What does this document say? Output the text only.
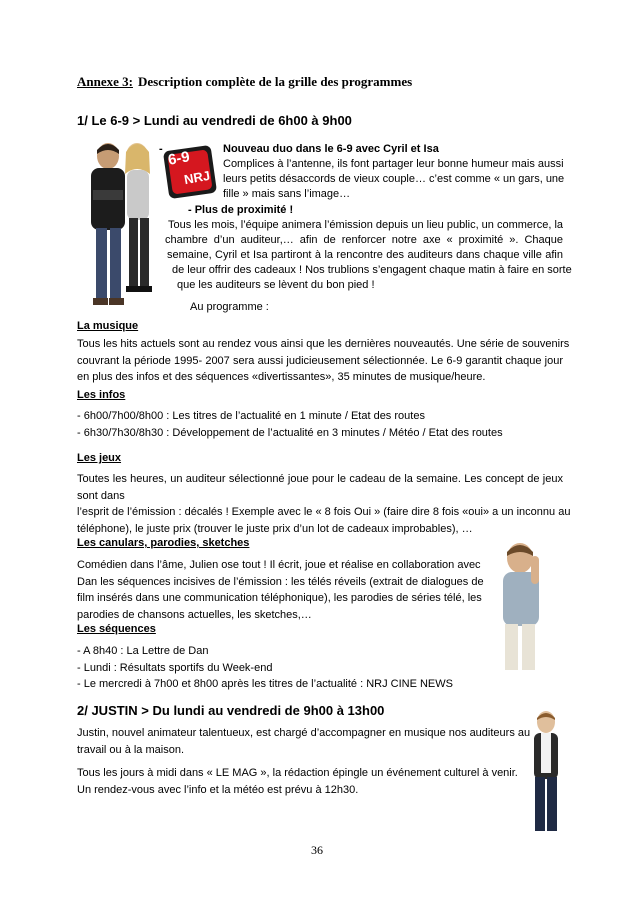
Annexe 3: Description complète de la grille des programmes
1/ Le 6-9 > Lundi au vendredi de 6h00 à 9h00
6-9
NRJ
-	Nouveau duo dans le 6-9 avec Cyril et Isa
Complices à l’antenne, ils font partager leur bonne humeur mais aussi
leurs petits désaccords de vieux couple… c’est comme « un gars, une
fille » mais sans l’image…
- Plus de proximité !
Tous les mois, l’équipe animera l’émission depuis un lieu public, un commerce, la
chambre d’un auditeur,… afin de renforcer notre axe « proximité ». Chaque
semaine, Cyril et Isa partiront à la rencontre des auditeurs dans chaque ville afin
de leur offrir des cadeaux ! Nos trublions s’engagent chaque matin à faire en sorte
que les auditeurs se lèvent du bon pied !
Au programme :
La musique
Tous les hits actuels sont au rendez vous ainsi que les dernières nouveautés. Une série de souvenirs
couvrant la période 1995- 2007 sera aussi judicieusement sélectionnée. Le 6-9 garantit chaque jour
en plus des infos et des séquences «divertissantes», 35 minutes de musique/heure.
Les infos
- 6h00/7h00/8h00 : Les titres de l’actualité en 1 minute / Etat des routes
- 6h30/7h30/8h30 : Développement de l’actualité en 3 minutes / Météo / Etat des routes
Les jeux
Toutes les heures, un auditeur sélectionné joue pour le cadeau de la semaine. Les concept de jeux
sont dans
l’esprit de l’émission : décalés ! Exemple avec le « 8 fois Oui » (faire dire 8 fois «oui» a un inconnu au
téléphone), le juste prix (trouver le juste prix d’un lot de cadeaux improbables), …
Les canulars, parodies, sketches
Comédien dans l’âme, Julien ose tout ! Il écrit, joue et réalise en collaboration avec
Dan les séquences incisives de l’émission : les télés réveils (extrait de dialogues de
film insérés dans une communication téléphonique), les parodies de séries télé, les
parodies de chansons actuelles, les sketches,…
Les séquences
- A 8h40 : La Lettre de Dan
- Lundi : Résultats sportifs du Week-end
- Le mercredi à 7h00 et 8h00 après les titres de l’actualité : NRJ CINE NEWS
2/ JUSTIN > Du lundi au vendredi de 9h00 à 13h00
Justin, nouvel animateur talentueux, est chargé d’accompagner en musique nos auditeurs au
travail ou à la maison.
Tous les jours à midi dans « LE MAG », la rédaction épingle un événement culturel à venir.
Un rendez-vous avec l’info et la météo est prévu à 12h30.
36
